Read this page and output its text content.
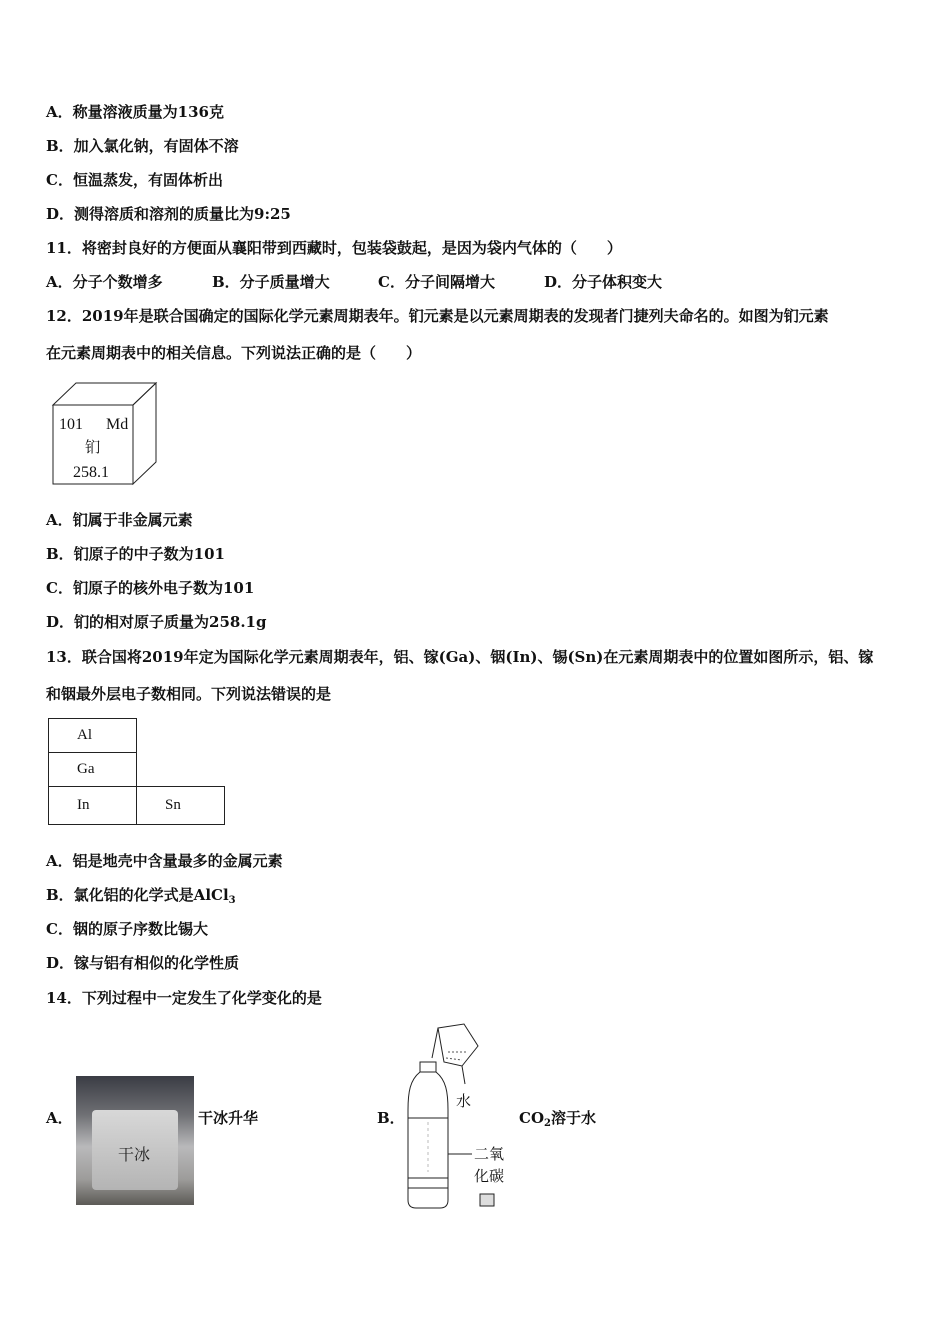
A．称量溶液质量为136克
B．加入氯化钠，有固体不溶
C．恒温蒸发，有固体析出
D．测得溶质和溶剂的质量比为9:25
11．将密封良好的方便面从襄阳带到西藏时，包装袋鼓起，是因为袋内气体的（　　）
A．分子个数增多	B．分子质量增大	C．分子间隔增大	D．分子体积变大
12．2019年是联合国确定的国际化学元素周期表年。钔元素是以元素周期表的发现者门捷列夫命名的。如图为钔元素
在元素周期表中的相关信息。下列说法正确的是（　　）
101 Md
钔
258.1
A．钔属于非金属元素
B．钔原子的中子数为101
C．钔原子的核外电子数为101
D．钔的相对原子质量为258.1g
13．联合国将2019年定为国际化学元素周期表年，铝、镓(Ga)、铟(In)、锡(Sn)在元素周期表中的位置如图所示，铝、镓
和铟最外层电子数相同。下列说法错误的是
Al	
Ga	
In	Sn
A．铝是地壳中含量最多的金属元素
B．氯化铝的化学式是AlCl$_3$
C．铟的原子序数比锡大
D．镓与铝有相似的化学性质
14．下列过程中一定发生了化学变化的是
A．
干冰
干冰升华	B．
水
二氧
化碳
$CO_2$溶于水
